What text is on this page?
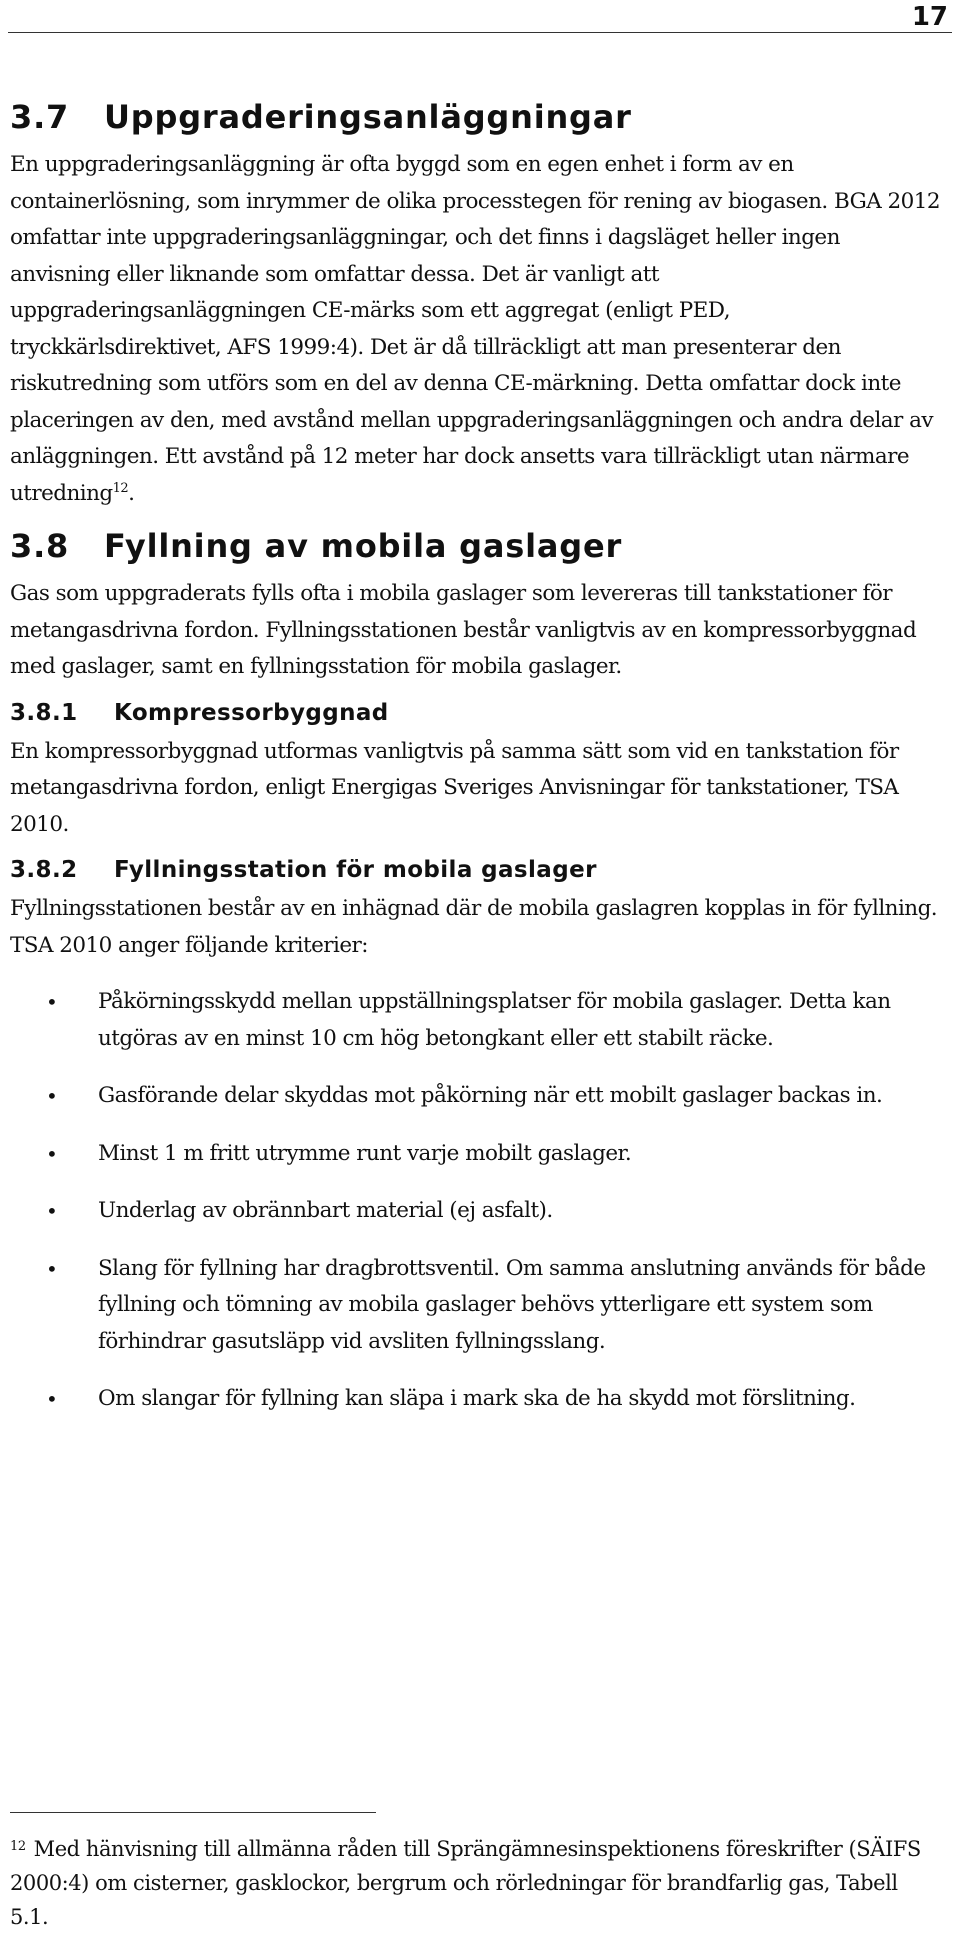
17
3.7 Uppgraderingsanläggningar

En uppgraderingsanläggning är ofta byggd som en egen enhet i form av en containerlösning, som inrymmer de olika processtegen för rening av biogasen. BGA 2012 omfattar inte uppgraderingsanläggningar, och det finns i dagsläget heller ingen anvisning eller liknande som omfattar dessa. Det är vanligt att uppgraderingsanläggningen CE-märks som ett aggregat (enligt PED, tryckkärlsdirektivet, AFS 1999:4). Det är då tillräckligt att man presenterar den riskutredning som utförs som en del av denna CE-märkning. Detta omfattar dock inte placeringen av den, med avstånd mellan uppgraderingsanläggningen och andra delar av anläggningen. Ett avstånd på 12 meter har dock ansetts vara tillräckligt utan närmare utredning$^{12}$.

3.8 Fyllning av mobila gaslager

Gas som uppgraderats fylls ofta i mobila gaslager som levereras till tankstationer för metangasdrivna fordon. Fyllningsstationen består vanligtvis av en kompressorbyggnad med gaslager, samt en fyllningsstation för mobila gaslager.

3.8.1 Kompressorbyggnad

En kompressorbyggnad utformas vanligtvis på samma sätt som vid en tankstation för metangasdrivna fordon, enligt Energigas Sveriges Anvisningar för tankstationer, TSA 2010.

3.8.2 Fyllningsstation för mobila gaslager

Fyllningsstationen består av en inhägnad där de mobila gaslagren kopplas in för fyllning. TSA 2010 anger följande kriterier:

• Påkörningsskydd mellan uppställningsplatser för mobila gaslager. Detta kan utgöras av en minst 10 cm hög betongkant eller ett stabilt räcke.
• Gasförande delar skyddas mot påkörning när ett mobilt gaslager backas in.
• Minst 1 m fritt utrymme runt varje mobilt gaslager.
• Underlag av obrännbart material (ej asfalt).
• Slang för fyllning har dragbrottsventil. Om samma anslutning används för både fyllning och tömning av mobila gaslager behövs ytterligare ett system som förhindrar gasutsläpp vid avsliten fyllningsslang.
• Om slangar för fyllning kan släpa i mark ska de ha skydd mot förslitning.
$^{12}$ Med hänvisning till allmänna råden till Sprängämnesinspektionens föreskrifter (SÄIFS 2000:4) om cisterner, gasklockor, bergrum och rörledningar för brandfarlig gas, Tabell 5.1.
